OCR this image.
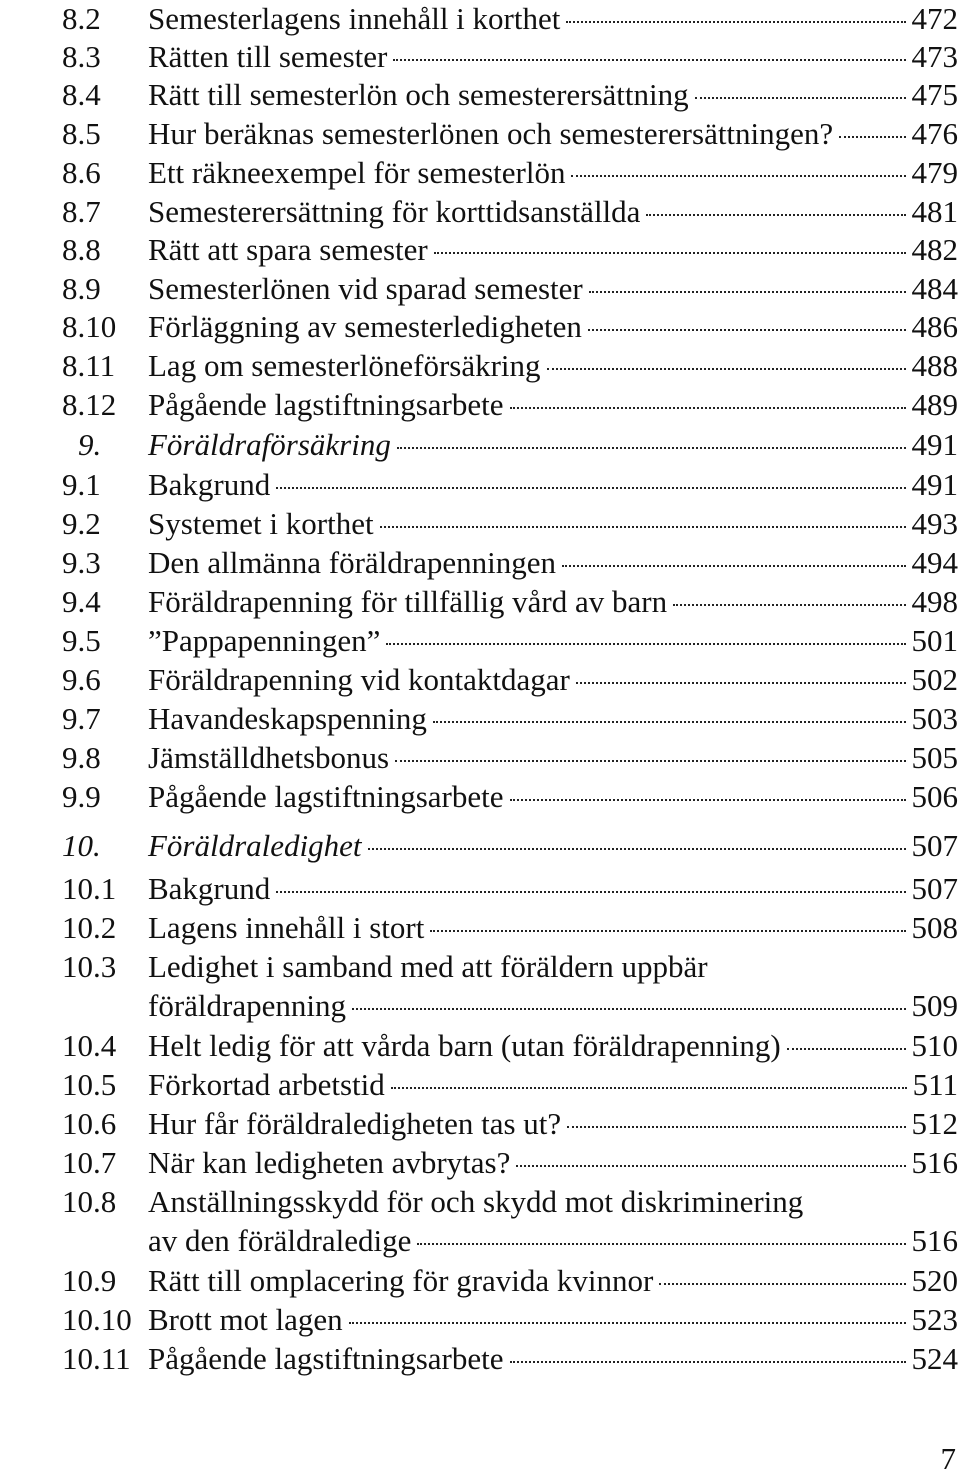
8.2 Semesterlagens innehåll i korthet	472
8.3 Rätten till semester	473
8.4 Rätt till semesterlön och semesterersättning	475
8.5 Hur beräknas semesterlönen och semesterersättningen?	476
8.6 Ett räkneexempel för semesterlön	479
8.7 Semesterersättning för korttidsanställda	481
8.8 Rätt att spara semester	482
8.9 Semesterlönen vid sparad semester	484
8.10 Förläggning av semesterledigheten	486
8.11 Lag om semesterlöneförsäkring	488
8.12 Pågående lagstiftningsarbete	489
9. Föräldraförsäkring	491
9.1 Bakgrund	491
9.2 Systemet i korthet	493
9.3 Den allmänna föräldrapenningen	494
9.4 Föräldrapenning för tillfällig vård av barn	498
9.5 ”Pappapenningen”	501
9.6 Föräldrapenning vid kontaktdagar	502
9.7 Havandeskapspenning	503
9.8 Jämställdhetsbonus	505
9.9 Pågående lagstiftningsarbete	506
10. Föräldraledighet	507
10.1 Bakgrund	507
10.2 Lagens innehåll i stort	508
10.3 Ledighet i samband med att föräldern uppbär
föräldrapenning	509
10.4 Helt ledig för att vårda barn (utan föräldrapenning)	510
10.5 Förkortad arbetstid	511
10.6 Hur får föräldraledigheten tas ut?	512
10.7 När kan ledigheten avbrytas?	516
10.8 Anställningsskydd för och skydd mot diskriminering
av den föräldraledige	516
10.9 Rätt till omplacering för gravida kvinnor	520
10.10 Brott mot lagen	523
10.11 Pågående lagstiftningsarbete	524
7
